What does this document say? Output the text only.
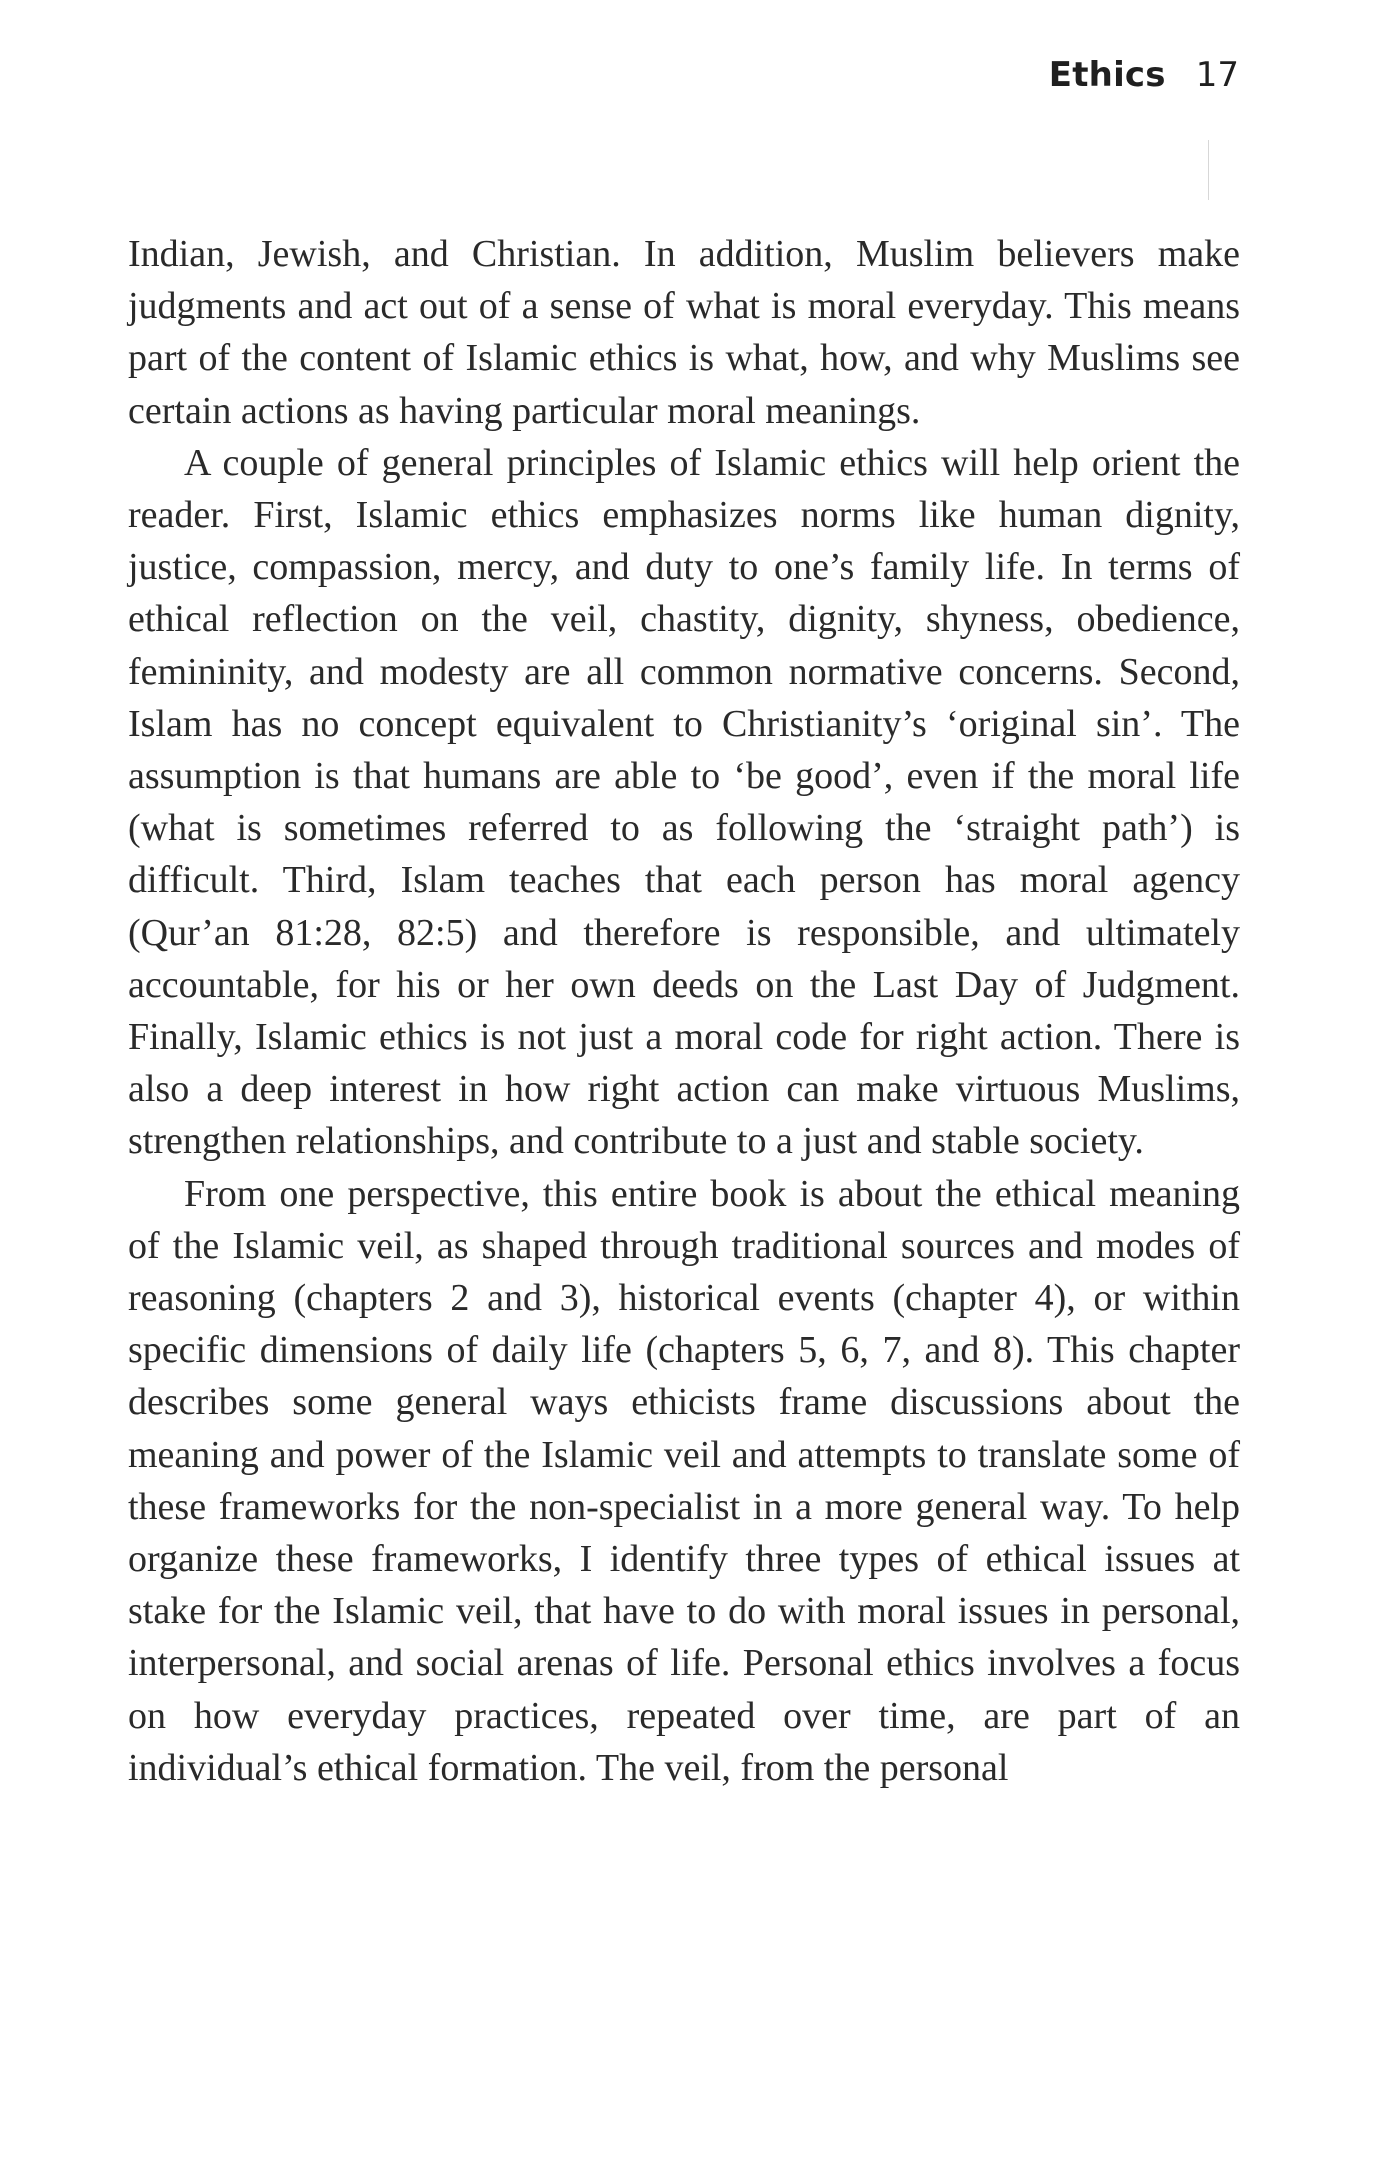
Ethics 17

Indian, Jewish, and Christian. In addition, Muslim believers make judgments and act out of a sense of what is moral everyday. This means part of the content of Islamic ethics is what, how, and why Muslims see certain actions as having particular moral meanings.

A couple of general principles of Islamic ethics will help orient the reader. First, Islamic ethics emphasizes norms like human dignity, justice, compassion, mercy, and duty to one’s family life. In terms of ethical reflection on the veil, chastity, dignity, shyness, obedience, femininity, and modesty are all common normative concerns. Second, Islam has no concept equivalent to Christianity’s ‘original sin’. The assumption is that humans are able to ‘be good’, even if the moral life (what is sometimes referred to as following the ‘straight path’) is difficult. Third, Islam teaches that each person has moral agency (Qur’an 81:28, 82:5) and therefore is responsible, and ultimately accountable, for his or her own deeds on the Last Day of Judgment. Finally, Islamic ethics is not just a moral code for right action. There is also a deep interest in how right action can make virtuous Muslims, strengthen relationships, and contribute to a just and stable society.

From one perspective, this entire book is about the ethical meaning of the Islamic veil, as shaped through traditional sources and modes of reasoning (chapters 2 and 3), historical events (chapter 4), or within specific dimensions of daily life (chapters 5, 6, 7, and 8). This chapter describes some general ways ethicists frame discussions about the meaning and power of the Islamic veil and attempts to translate some of these frameworks for the non-specialist in a more general way. To help organize these frameworks, I identify three types of ethical issues at stake for the Islamic veil, that have to do with moral issues in personal, interpersonal, and social arenas of life. Personal ethics involves a focus on how everyday practices, repeated over time, are part of an individual’s ethical formation. The veil, from the personal
